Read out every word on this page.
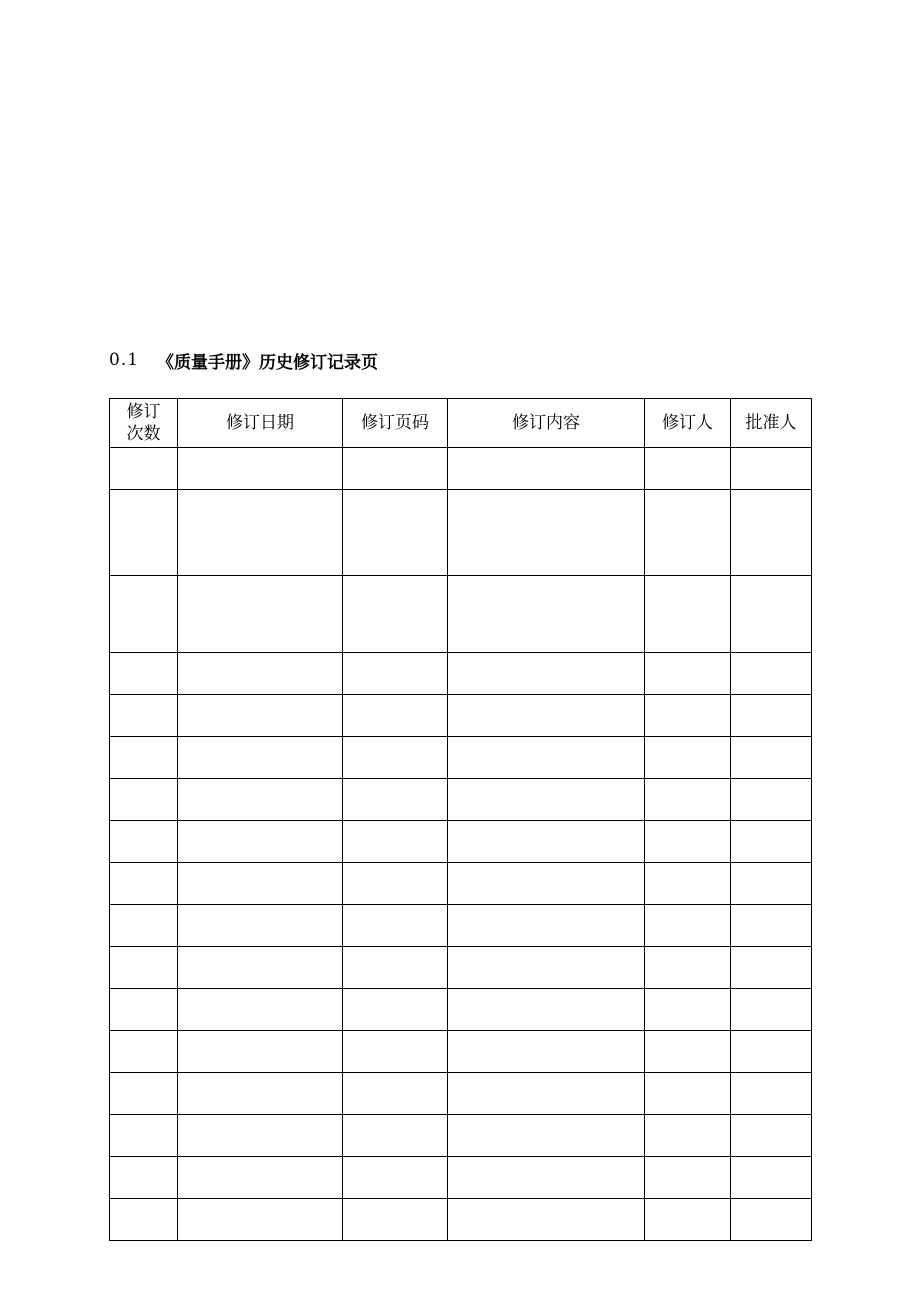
0.1	《质量手册》历史修订记录页
修订
次数	修订日期	修订页码	修订内容	修订人	批准人
